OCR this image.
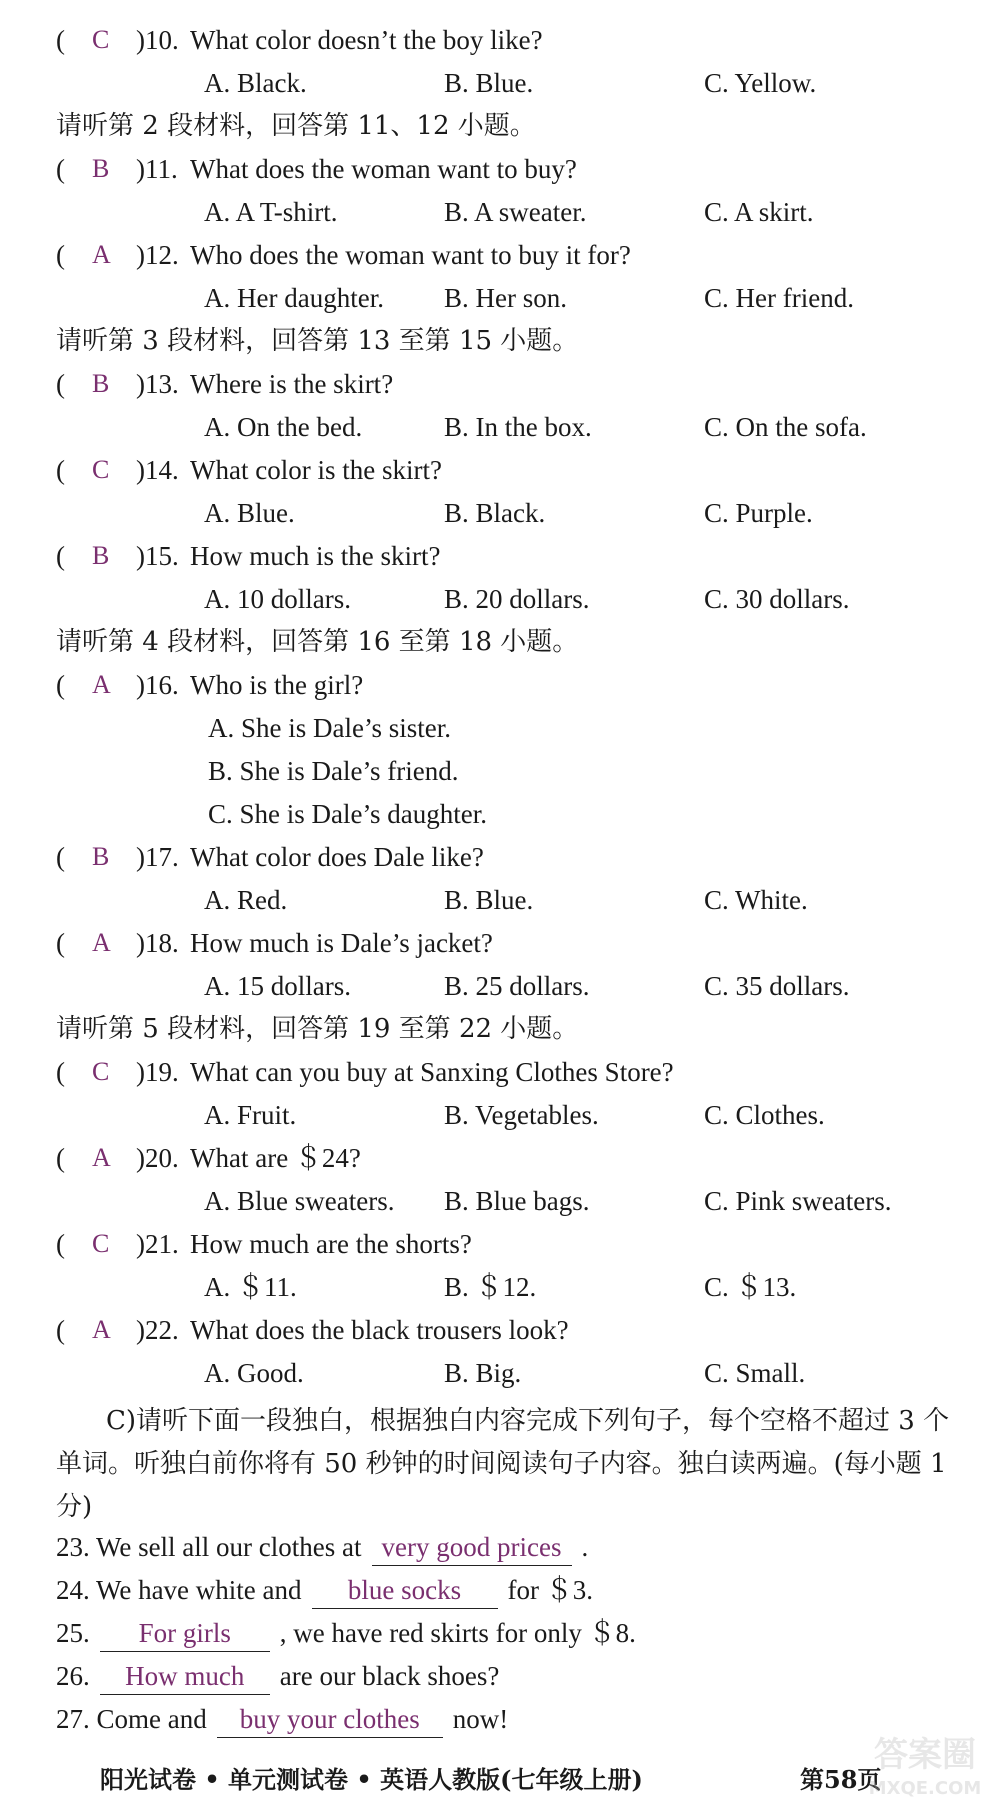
( C )10. What color doesn’t the boy like?
A. Black.	B. Blue.	C. Yellow.
请听第 2 段材料，回答第 11、12 小题。
( B )11. What does the woman want to buy?
A. A T-shirt.	B. A sweater.	C. A skirt.
( A )12. Who does the woman want to buy it for?
A. Her daughter. B. Her son.	C. Her friend.
请听第 3 段材料，回答第 13 至第 15 小题。
( B )13. Where is the skirt?
A. On the bed.	B. In the box.	C. On the sofa.
( C )14. What color is the skirt?
A. Blue.	B. Black.	C. Purple.
( B )15. How much is the skirt?
A. 10 dollars.	B. 20 dollars.	C. 30 dollars.
请听第 4 段材料，回答第 16 至第 18 小题。
( A )16. Who is the girl?
A. She is Dale’s sister.
B. She is Dale’s friend.
C. She is Dale’s daughter.
( B )17. What color does Dale like?
A. Red.	B. Blue.	C. White.
( A )18. How much is Dale’s jacket?
A. 15 dollars.	B. 25 dollars.	C. 35 dollars.
请听第 5 段材料，回答第 19 至第 22 小题。
( C )19. What can you buy at Sanxing Clothes Store?
A. Fruit.	B. Vegetables.	C. Clothes.
( A )20. What are ＄24?
A. Blue sweaters. B. Blue bags.	C. Pink sweaters.
( C )21. How much are the shorts?
A. ＄11.	B. ＄12.	C. ＄13.
( A )22. What does the black trousers look?
A. Good.	B. Big.	C. Small.
C)请听下面一段独白，根据独白内容完成下列句子，每个空格不超过 3 个单词。听独白前你将有 50 秒钟的时间阅读句子内容。独白读两遍。(每小题 1 分)
23. We sell all our clothes at very good prices .
24. We have white and blue socks for ＄3.
25. For girls , we have red skirts for only ＄8.
26. How much are our black shoes?
27. Come and buy your clothes now!
阳光试卷 • 单元测试卷 • 英语人教版(七年级上册)	第58页
答案圈
MXQE.COM
